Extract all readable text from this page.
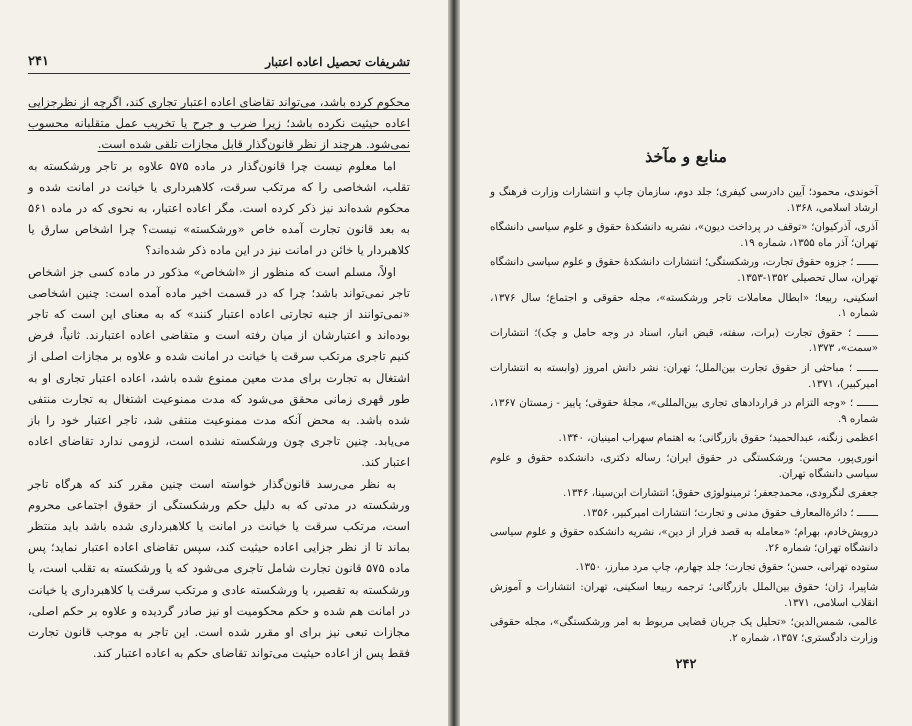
تشریفات تحصیل اعاده اعتبار
۲۴۱

محکوم کرده باشد، می‌تواند تقاضای اعاده اعتبار تجاری کند، اگرچه از نظرجزایی اعاده حیثیت نکرده باشد؛ زیرا ضرب و جرح یا تخریب عمل متقلبانه محسوب نمی‌شود. هرچند از نظر قانون‌گذار قابل مجازات تلقی شده است.

اما معلوم نیست چرا قانون‌گذار در ماده ۵۷۵ علاوه بر تاجر ورشکسته به تقلب، اشخاصی را که مرتکب سرقت، کلاهبرداری یا خیانت در امانت شده و محکوم شده‌اند نیز ذکر کرده است. مگر اعاده اعتبار، به نحوی که در ماده ۵۶۱ به بعد قانون تجارت آمده خاص «ورشکسته» نیست؟ چرا اشخاص سارق یا کلاهبردار یا خائن در امانت نیز در این ماده ذکر شده‌اند؟

اولاً، مسلم است که منظور از «اشخاص» مذکور در ماده کسی جز اشخاص تاجر نمی‌تواند باشد؛ چرا که در قسمت اخیر ماده آمده است: چنین اشخاصی «نمی‌توانند از جنبه تجارتی اعاده اعتبار کنند» که به معنای این است که تاجر بوده‌اند و اعتبارشان از میان رفته است و متقاضی اعاده اعتبارند. ثانیاً، فرض کنیم تاجری مرتکب سرقت یا خیانت در امانت شده و علاوه بر مجازات اصلی از اشتغال به تجارت برای مدت معین ممنوع شده باشد، اعاده اعتبار تجاری او به طور قهری زمانی محقق می‌شود که مدت ممنوعیت اشتغال به تجارت منتفی شده باشد. به محض آنکه مدت ممنوعیت منتفی شد، تاجر اعتبار خود را باز می‌یابد. چنین تاجری چون ورشکسته نشده است، لزومی ندارد تقاضای اعاده اعتبار کند.

به نظر می‌رسد قانون‌گذار خواسته است چنین مقرر کند که هرگاه تاجر ورشکسته در مدتی که به دلیل حکم ورشکستگی از حقوق اجتماعی محروم است، مرتکب سرقت یا خیانت در امانت یا کلاهبرداری شده باشد باید منتظر بماند تا از نظر جزایی اعاده حیثیت کند، سپس تقاضای اعاده اعتبار نماید؛ پس ماده ۵۷۵ قانون تجارت شامل تاجری می‌شود که یا ورشکسته به تقلب است، یا ورشکسته به تقصیر، یا ورشکسته عادی و مرتکب سرقت یا کلاهبرداری یا خیانت در امانت هم شده و حکم محکومیت او نیز صادر گردیده و علاوه بر حکم اصلی، مجازات تبعی نیز برای او مقرر شده است. این تاجر به موجب قانون تجارت فقط پس از اعاده حیثیت می‌تواند تقاضای حکم به اعاده اعتبار کند.

منابع و مآخذ
آخوندی، محمود؛ آیین دادرسی کیفری؛ جلد دوم، سازمان چاپ و انتشارات وزارت فرهنگ و ارشاد اسلامی، ۱۳۶۸.
آذری، آذرکیوان؛ «توقف در پرداخت دیون»، نشریه دانشکدهٔ حقوق و علوم سیاسی دانشگاه تهران؛ آذر ماه ۱۳۵۵، شماره ۱۹.
ـــــــ ؛ جزوه حقوق تجارت، ورشکستگی؛ انتشارات دانشکدهٔ حقوق و علوم سیاسی دانشگاه تهران، سال تحصیلی ۱۳۵۲-۱۳۵۳.
اسکینی، ربیعا؛ «ابطال معاملات تاجر ورشکسته»، مجله حقوقی و اجتماع؛ سال ۱۳۷۶، شماره ۱.
ـــــــ ؛ حقوق تجارت (برات، سفته، قبض انبار، اسناد در وجه حامل و چک)؛ انتشارات «سمت»، ۱۳۷۳.
ـــــــ ؛ مباحثی از حقوق تجارت بین‌الملل؛ تهران: نشر دانش امروز (وابسته به انتشارات امیرکبیر)، ۱۳۷۱.
ـــــــ ؛ «وجه التزام در قراردادهای تجاری بین‌المللی»، مجلهٔ حقوقی؛ پاییز - زمستان ۱۳۶۷، شماره ۹.
اعظمی زنگنه، عبدالحمید؛ حقوق بازرگانی؛ به اهتمام سهراب امینیان، ۱۳۴۰.
انوری‌پور، محسن؛ ورشکستگی در حقوق ایران؛ رساله دکتری، دانشکده حقوق و علوم سیاسی دانشگاه تهران.
جعفری لنگرودی، محمدجعفر؛ ترمینولوژی حقوق؛ انتشارات ابن‌سینا، ۱۳۴۶.
ـــــــ ؛ دائرةالمعارف حقوق مدنی و تجارت؛ انتشارات امیرکبیر، ۱۳۵۶.
درویش‌خادم، بهرام؛ «معامله به قصد فرار از دین»، نشریه دانشکده حقوق و علوم سیاسی دانشگاه تهران؛ شماره ۲۶.
ستوده تهرانی، حسن؛ حقوق تجارت؛ جلد چهارم، چاپ مرد مبارز، ۱۳۵۰.
شاپیرا، ژان؛ حقوق بین‌الملل بازرگانی؛ ترجمه ربیعا اسکینی، تهران: انتشارات و آموزش انقلاب اسلامی، ۱۳۷۱.
عالمی، شمس‌الدین؛ «تحلیل یک جریان قضایی مربوط به امر ورشکستگی»، مجله حقوقی وزارت دادگستری؛ ۱۳۵۷، شماره ۲.
۲۴۲
